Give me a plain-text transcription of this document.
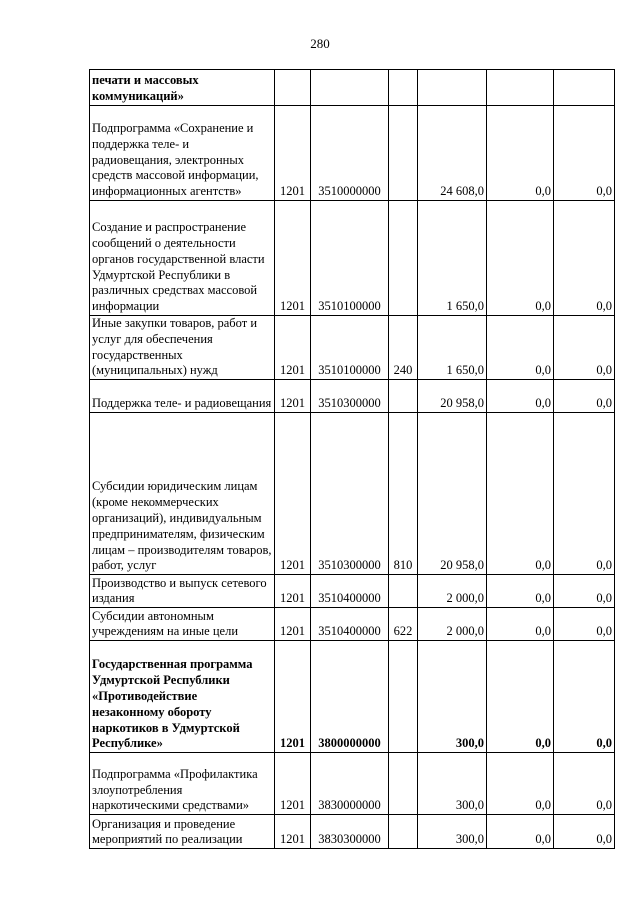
280
печати и массовых коммуникаций»						
Подпрограмма «Сохранение и поддержка теле- и радиовещания, электронных средств массовой информации, информационных агентств»	1201	3510000000		24 608,0	0,0	0,0
Создание и распространение сообщений о деятельности органов государственной власти Удмуртской Республики в различных средствах массовой информации	1201	3510100000		1 650,0	0,0	0,0
Иные закупки товаров, работ и услуг для обеспечения государственных (муниципальных) нужд	1201	3510100000	240	1 650,0	0,0	0,0
Поддержка теле- и радиовещания	1201	3510300000		20 958,0	0,0	0,0
Субсидии юридическим лицам (кроме некоммерческих организаций), индивидуальным предпринимателям, физическим лицам – производителям товаров, работ, услуг	1201	3510300000	810	20 958,0	0,0	0,0
Производство и выпуск сетевого издания	1201	3510400000		2 000,0	0,0	0,0
Субсидии автономным учреждениям на иные цели	1201	3510400000	622	2 000,0	0,0	0,0
Государственная программа Удмуртской Республики «Противодействие незаконному обороту наркотиков в Удмуртской Республике»	1201	3800000000		300,0	0,0	0,0
Подпрограмма «Профилактика злоупотребления наркотическими средствами»	1201	3830000000		300,0	0,0	0,0
Организация и проведение мероприятий по реализации	1201	3830300000		300,0	0,0	0,0
